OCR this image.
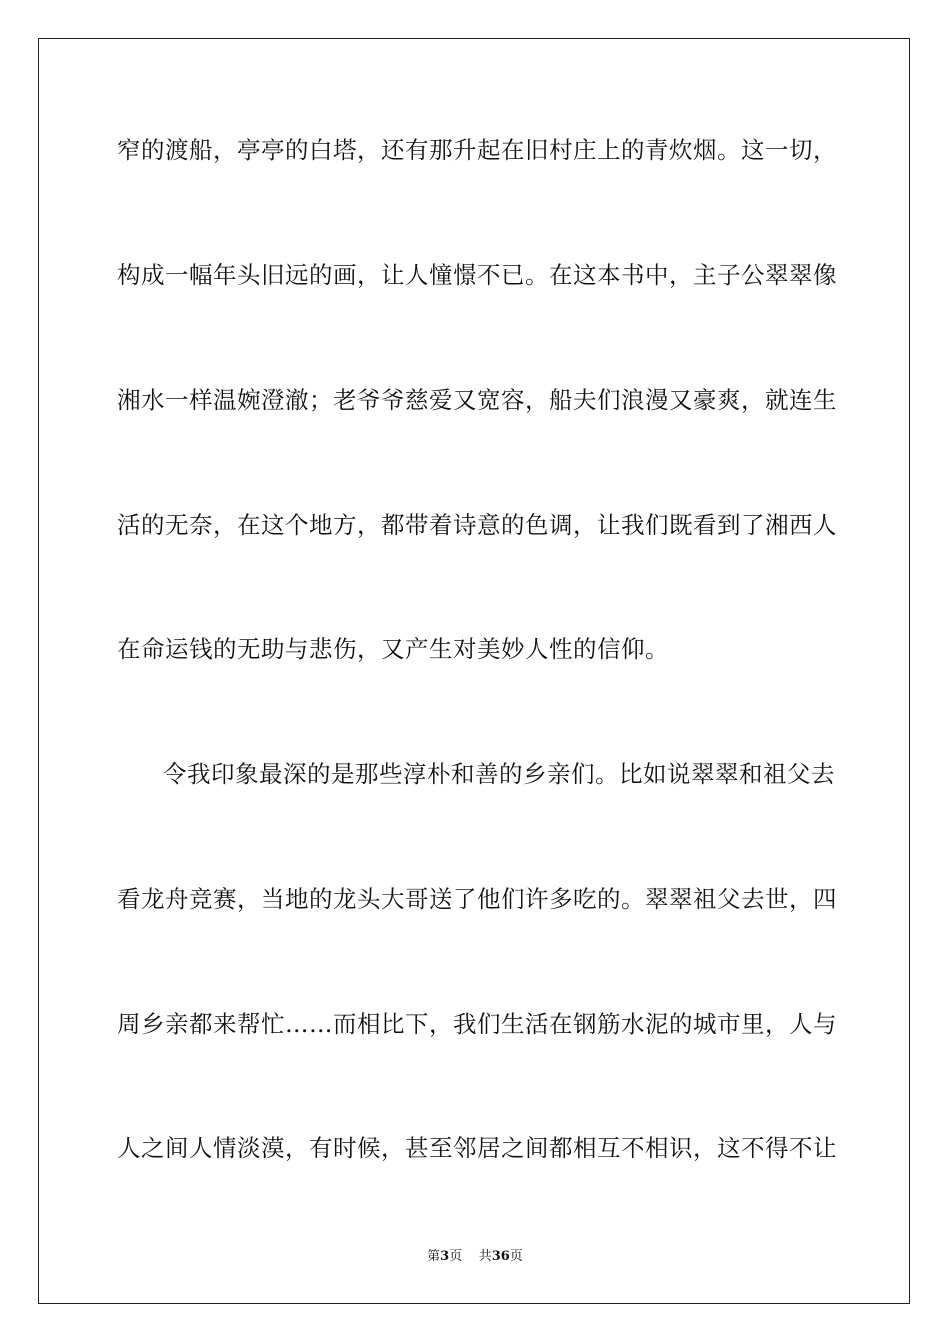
窄的渡船，亭亭的白塔，还有那升起在旧村庄上的青炊烟。这一切，
构成一幅年头旧远的画，让人憧憬不已。在这本书中，主子公翠翠像
湘水一样温婉澄澈；老爷爷慈爱又宽容，船夫们浪漫又豪爽，就连生
活的无奈，在这个地方，都带着诗意的色调，让我们既看到了湘西人
在命运钱的无助与悲伤，又产生对美妙人性的信仰。
令我印象最深的是那些淳朴和善的乡亲们。比如说翠翠和祖父去
看龙舟竞赛，当地的龙头大哥送了他们许多吃的。翠翠祖父去世，四
周乡亲都来帮忙……而相比下，我们生活在钢筋水泥的城市里，人与
人之间人情淡漠，有时候，甚至邻居之间都相互不相识，这不得不让
第3页 共36页
